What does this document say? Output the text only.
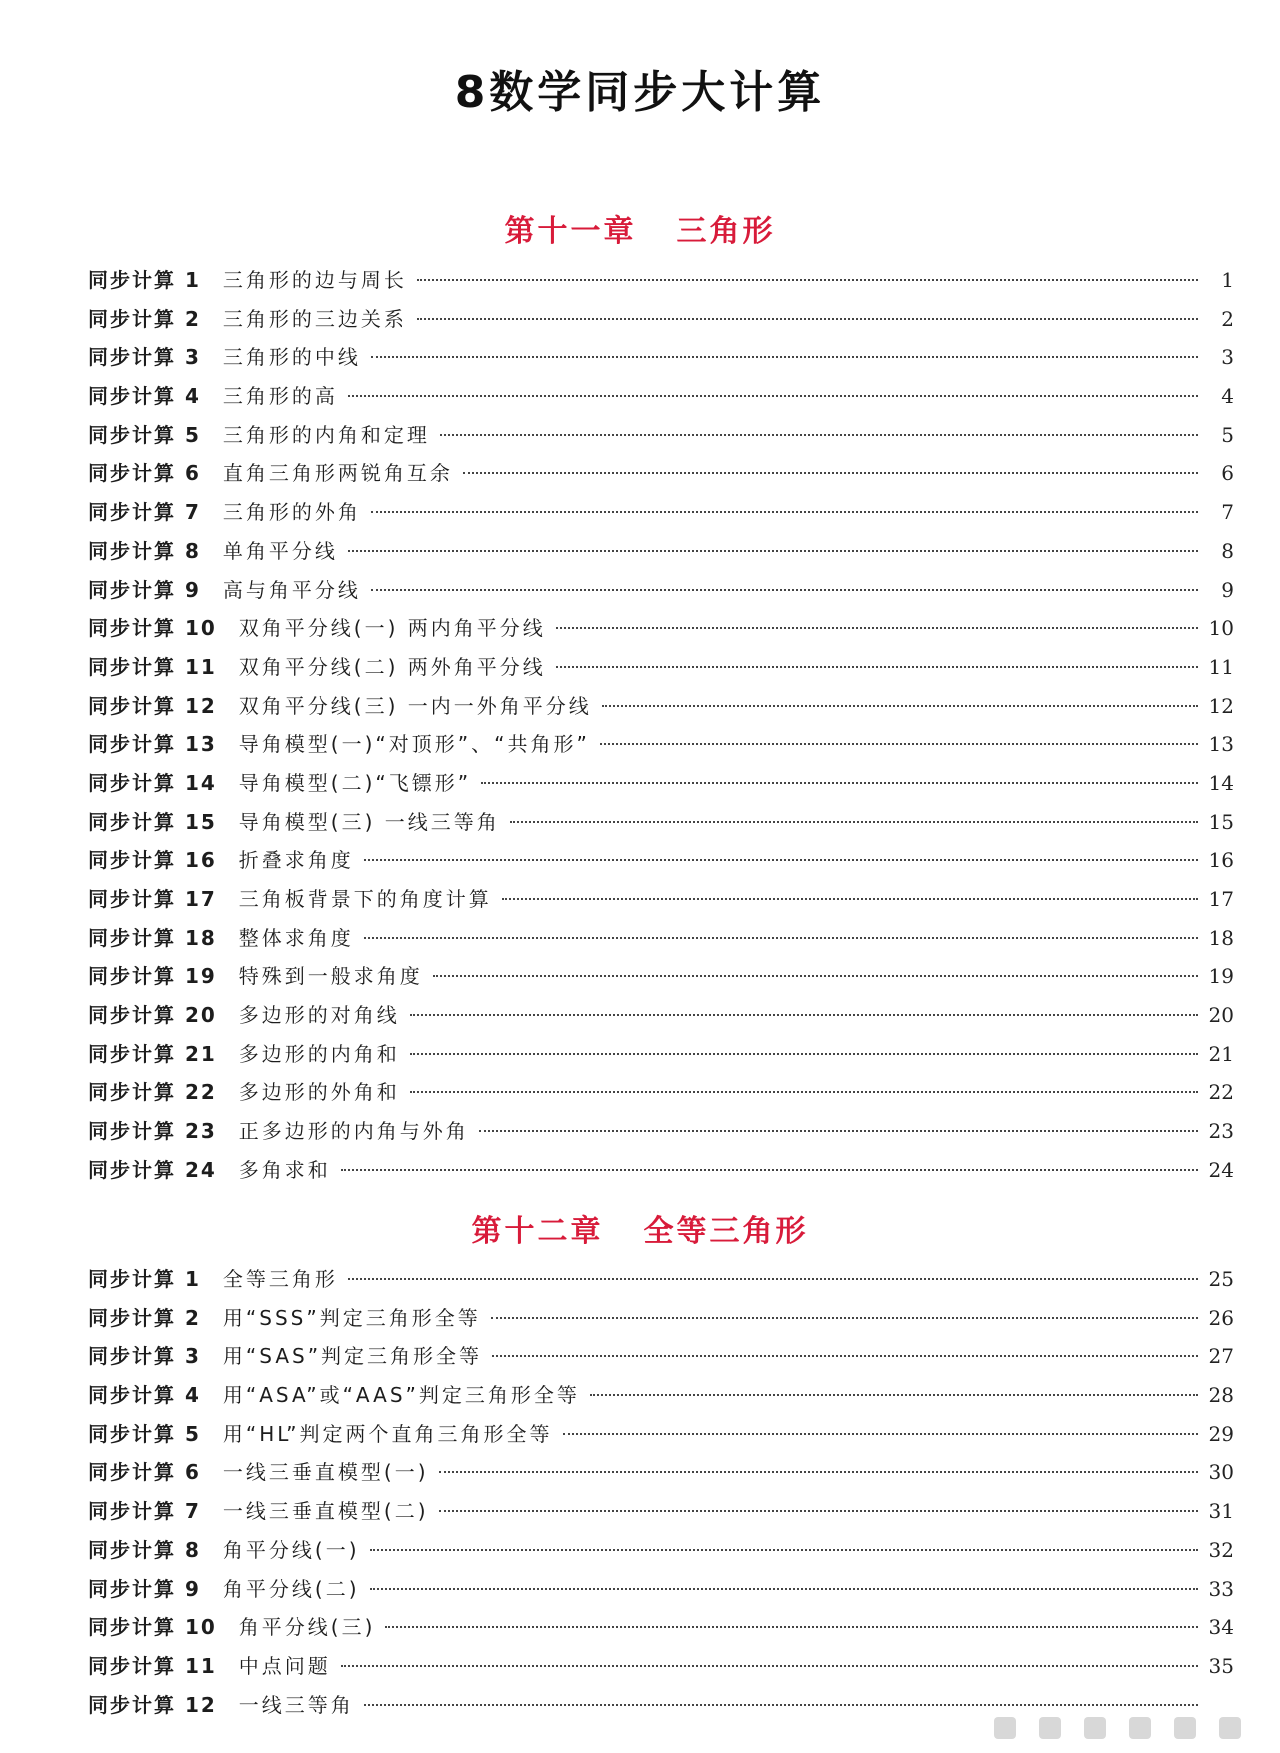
8数学同步大计算
第十一章 三角形
同步计算 1 三角形的边与周长	1
同步计算 2 三角形的三边关系	2
同步计算 3 三角形的中线	3
同步计算 4 三角形的高	4
同步计算 5 三角形的内角和定理	5
同步计算 6 直角三角形两锐角互余	6
同步计算 7 三角形的外角	7
同步计算 8 单角平分线	8
同步计算 9 高与角平分线	9
同步计算 10 双角平分线(一) 两内角平分线	10
同步计算 11 双角平分线(二) 两外角平分线	11
同步计算 12 双角平分线(三) 一内一外角平分线	12
同步计算 13 导角模型(一)“对顶形”、“共角形”	13
同步计算 14 导角模型(二)“飞镖形”	14
同步计算 15 导角模型(三) 一线三等角	15
同步计算 16 折叠求角度	16
同步计算 17 三角板背景下的角度计算	17
同步计算 18 整体求角度	18
同步计算 19 特殊到一般求角度	19
同步计算 20 多边形的对角线	20
同步计算 21 多边形的内角和	21
同步计算 22 多边形的外角和	22
同步计算 23 正多边形的内角与外角	23
同步计算 24 多角求和	24
第十二章 全等三角形
同步计算 1 全等三角形	25
同步计算 2 用“SSS”判定三角形全等	26
同步计算 3 用“SAS”判定三角形全等	27
同步计算 4 用“ASA”或“AAS”判定三角形全等	28
同步计算 5 用“HL”判定两个直角三角形全等	29
同步计算 6 一线三垂直模型(一)	30
同步计算 7 一线三垂直模型(二)	31
同步计算 8 角平分线(一)	32
同步计算 9 角平分线(二)	33
同步计算 10 角平分线(三)	34
同步计算 11 中点问题	35
同步计算 12 一线三等角
